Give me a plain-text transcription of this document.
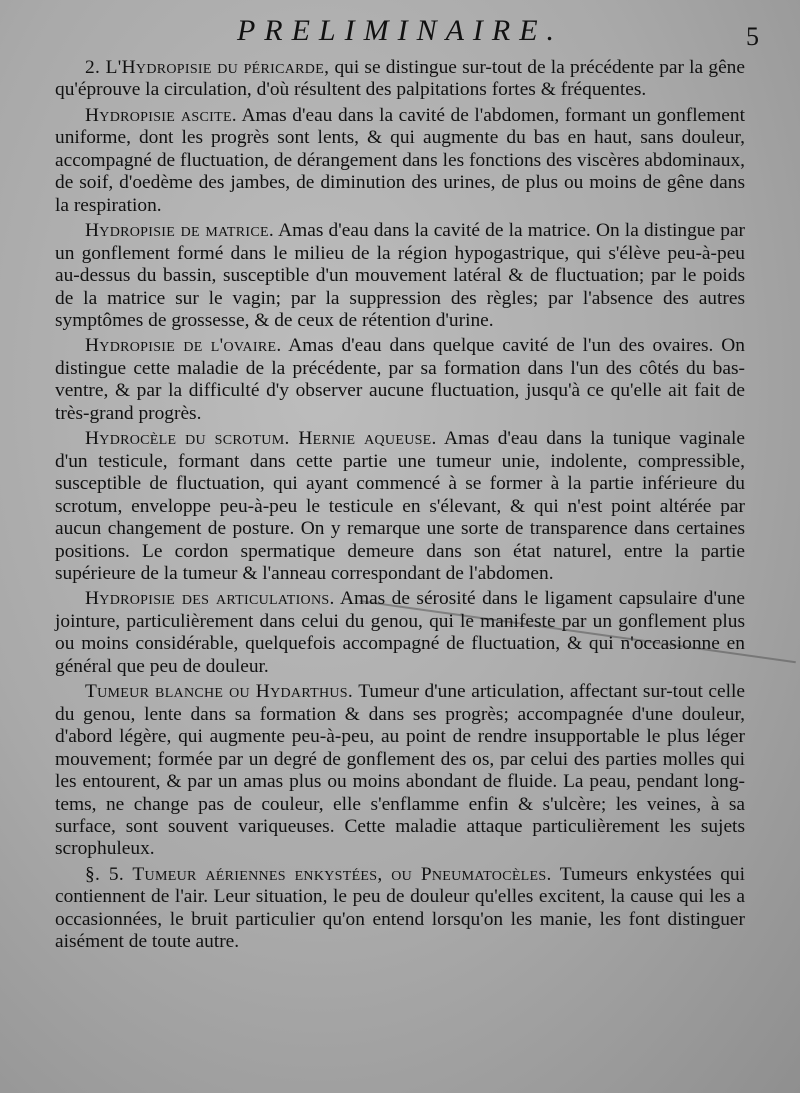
PRELIMINAIRE.	5

2. L'Hydropisie du péricarde, qui se distingue sur-tout de la précédente par la gêne qu'éprouve la circulation, d'où résultent des palpitations fortes & fréquentes.

Hydropisie ascite. Amas d'eau dans la cavité de l'abdomen, formant un gonflement uniforme, dont les progrès sont lents, & qui augmente du bas en haut, sans douleur, accompagné de fluctuation, de dérangement dans les fonctions des viscères abdominaux, de soif, d'oedème des jambes, de diminution des urines, de plus ou moins de gêne dans la respiration.

Hydropisie de matrice. Amas d'eau dans la cavité de la matrice. On la distingue par un gonflement formé dans le milieu de la région hypogastrique, qui s'élève peu-à-peu au-dessus du bassin, susceptible d'un mouvement latéral & de fluctuation; par le poids de la matrice sur le vagin; par la suppression des règles; par l'absence des autres symptômes de grossesse, & de ceux de rétention d'urine.

Hydropisie de l'ovaire. Amas d'eau dans quelque cavité de l'un des ovaires. On distingue cette maladie de la précédente, par sa formation dans l'un des côtés du bas-ventre, & par la difficulté d'y observer aucune fluctuation, jusqu'à ce qu'elle ait fait de très-grand progrès.

Hydrocèle du scrotum. Hernie aqueuse. Amas d'eau dans la tunique vaginale d'un testicule, formant dans cette partie une tumeur unie, indolente, compressible, susceptible de fluctuation, qui ayant commencé à se former à la partie inférieure du scrotum, enveloppe peu-à-peu le testicule en s'élevant, & qui n'est point altérée par aucun changement de posture. On y remarque une sorte de transparence dans certaines positions. Le cordon spermatique demeure dans son état naturel, entre la partie supérieure de la tumeur & l'anneau correspondant de l'abdomen.

Hydropisie des articulations. Amas de sérosité dans le ligament capsulaire d'une jointure, particulièrement dans celui du genou, qui le manifeste par un gonflement plus ou moins considérable, quelquefois accompagné de fluctuation, & qui n'occasionne en général que peu de douleur.

Tumeur blanche ou Hydarthus. Tumeur d'une articulation, affectant sur-tout celle du genou, lente dans sa formation & dans ses progrès; accompagnée d'une douleur, d'abord légère, qui augmente peu-à-peu, au point de rendre insupportable le plus léger mouvement; formée par un degré de gonflement des os, par celui des parties molles qui les entourent, & par un amas plus ou moins abondant de fluide. La peau, pendant long-tems, ne change pas de couleur, elle s'enflamme enfin & s'ulcère; les veines, à sa surface, sont souvent variqueuses. Cette maladie attaque particulièrement les sujets scrophuleux.

§. 5. Tumeur aériennes enkystées, ou Pneumatocèles. Tumeurs enkystées qui contiennent de l'air. Leur situation, le peu de douleur qu'elles excitent, la cause qui les a occasionnées, le bruit particulier qu'on entend lorsqu'on les manie, les font distinguer aisément de toute autre.
